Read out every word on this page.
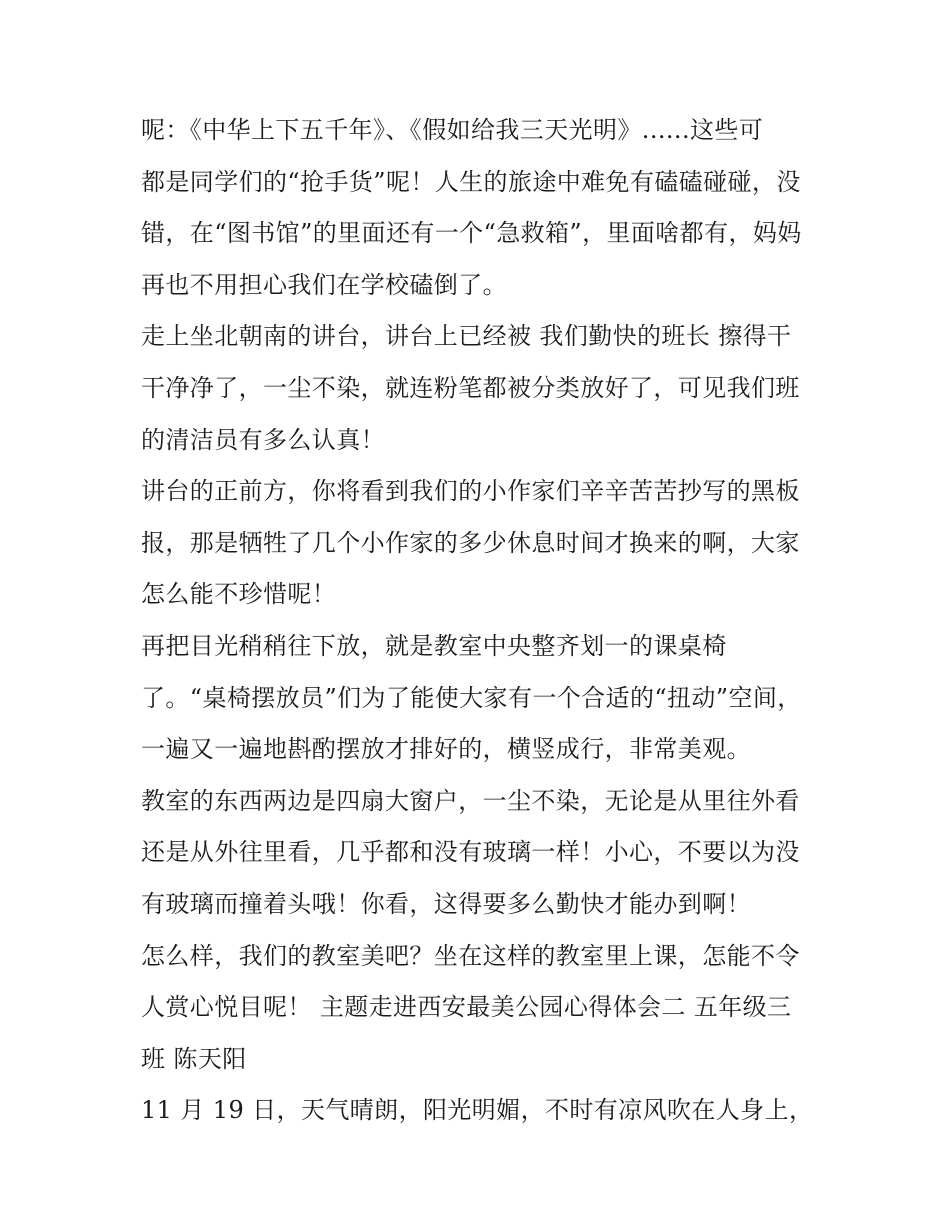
呢：《中华上下五千年》、《假如给我三天光明》......这些可
都是同学们的“抢手货”呢！人生的旅途中难免有磕磕碰碰，没
错，在“图书馆”的里面还有一个“急救箱”，里面啥都有，妈妈
再也不用担心我们在学校磕倒了。
走上坐北朝南的讲台，讲台上已经被 我们勤快的班长 擦得干
干净净了，一尘不染，就连粉笔都被分类放好了，可见我们班
的清洁员有多么认真！
讲台的正前方，你将看到我们的小作家们辛辛苦苦抄写的黑板
报，那是牺牲了几个小作家的多少休息时间才换来的啊，大家
怎么能不珍惜呢！
再把目光稍稍往下放，就是教室中央整齐划一的课桌椅
了。“桌椅摆放员”们为了能使大家有一个合适的“扭动”空间，
一遍又一遍地斟酌摆放才排好的，横竖成行，非常美观。
教室的东西两边是四扇大窗户，一尘不染，无论是从里往外看
还是从外往里看，几乎都和没有玻璃一样！小心，不要以为没
有玻璃而撞着头哦！你看，这得要多么勤快才能办到啊！
怎么样，我们的教室美吧？坐在这样的教室里上课，怎能不令
人赏心悦目呢！ 主题走进西安最美公园心得体会二 五年级三
班 陈天阳
11 月 19 日，天气晴朗，阳光明媚，不时有凉风吹在人身上，
